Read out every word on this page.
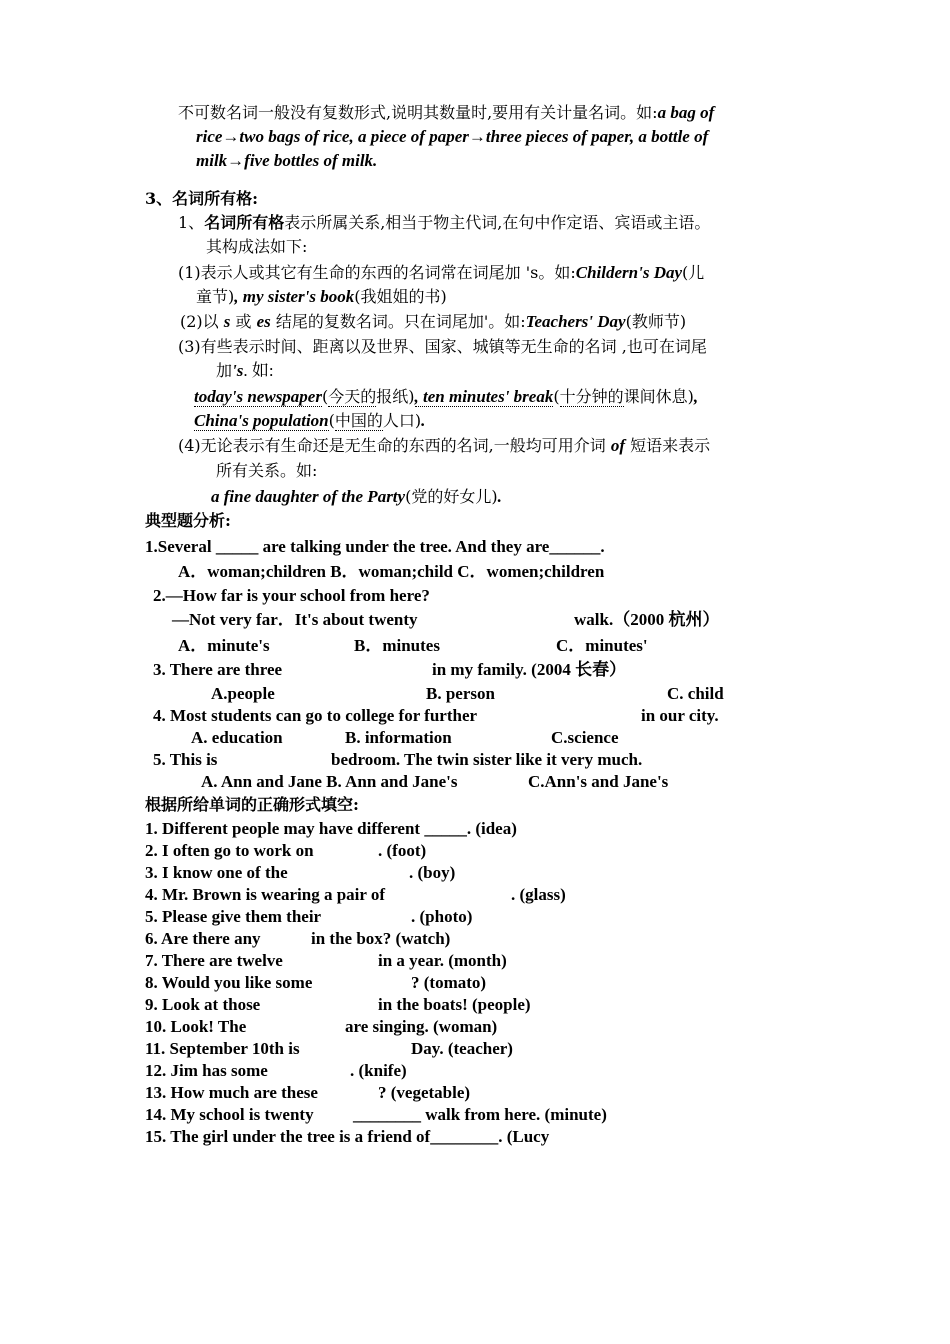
不可数名词一般没有复数形式,说明其数量时,要用有关计量名词。如:a bag of
rice→two bags of rice, a piece of paper→three pieces of paper, a bottle of
milk→five bottles of milk.
3、名词所有格:
1、名词所有格表示所属关系,相当于物主代词,在句中作定语、宾语或主语。
其构成法如下:
(1)表示人或其它有生命的东西的名词常在词尾加 's。如:Childern's Day(儿
童节), my sister's book(我姐姐的书)
(2)以 s 或 es 结尾的复数名词。只在词尾加'。如:Teachers' Day(教师节)
(3)有些表示时间、距离以及世界、国家、城镇等无生命的名词 ,也可在词尾
加's. 如:
today's newspaper(今天的报纸), ten minutes' break(十分钟的课间休息),
China's population(中国的人口).
(4)无论表示有生命还是无生命的东西的名词,一般均可用介词 of 短语来表示
所有关系。如:
a fine daughter of the Party(党的好女儿).
典型题分析:
1.Several _____ are talking under the tree. And they are______.
A．woman;children B．woman;child C．women;children
2.—How far is your school from here?
—Not very far．It's about twenty	walk.（2000 杭州）
A．minute's	B．minutes	C．minutes'
3. There are three	in my family. (2004 长春）
A.people	B. person	C. child
4. Most students can go to college for further	in our city.
A. education	B. information	C.science
5. This is	bedroom. The twin sister like it very much.
A. Ann and Jane B. Ann and Jane's	C.Ann's and Jane's
根据所给单词的正确形式填空:
1. Different people may have different _____. (idea)
2. I often go to work on	. (foot)
3. I know one of the	. (boy)
4. Mr. Brown is wearing a pair of	. (glass)
5. Please give them their	. (photo)
6. Are there any	in the box? (watch)
7. There are twelve	in a year. (month)
8. Would you like some	? (tomato)
9. Look at those	in the boats! (people)
10. Look! The	are singing. (woman)
11. September 10th is	Day. (teacher)
12. Jim has some	. (knife)
13. How much are these	? (vegetable)
14. My school is twenty ________ walk from here. (minute)
15. The girl under the tree is a friend of________. (Lucy
